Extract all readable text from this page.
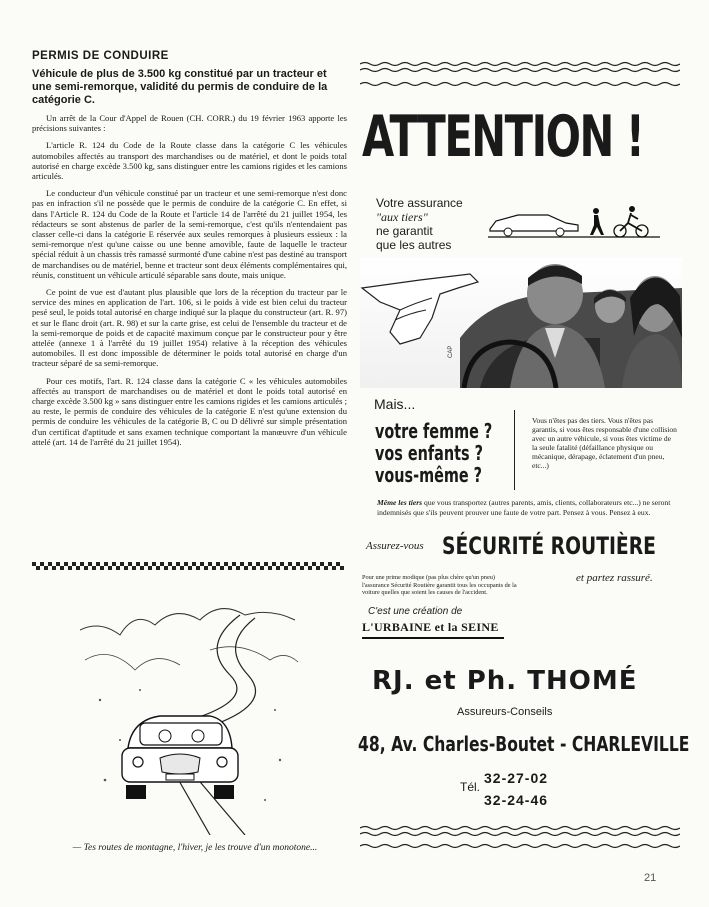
PERMIS DE CONDUIRE
Véhicule de plus de 3.500 kg constitué par un tracteur et une semi-remorque, validité du permis de conduire de la catégorie C.

Un arrêt de la Cour d'Appel de Rouen (CH. CORR.) du 19 février 1963 apporte les précisions suivantes :

L'article R. 124 du Code de la Route classe dans la catégorie C les véhicules automobiles affectés au transport des marchandises ou de matériel, et dont le poids total autorisé en charge excède 3.500 kg, sans distinguer entre les camions rigides et les camions articulés.

Le conducteur d'un véhicule constitué par un tracteur et une semi-remorque n'est donc pas en infraction s'il ne possède que le permis de conduire de la catégorie C. En effet, si dans l'Article R. 124 du Code de la Route et l'article 14 de l'arrêté du 21 juillet 1954, les rédacteurs se sont abstenus de parler de la semi-remorque, c'est qu'ils n'entendaient pas classer celle-ci dans la catégorie E réservée aux seules remorques à plusieurs essieux : la semi-remorque n'est qu'une caisse ou une benne amovible, faute de laquelle le tracteur spécial réduit à un chassis très ramassé surmonté d'une cabine n'est pas destiné au transport de marchandises ou de matériel, benne et tracteur sont deux éléments complémentaires qui, réunis, constituent un véhicule articulé séparable sans doute, mais unique.

Ce point de vue est d'autant plus plausible que lors de la réception du tracteur par le service des mines en application de l'art. 106, si le poids à vide est bien celui du tracteur pesé seul, le poids total autorisé en charge indiqué sur la plaque du constructeur (art. R. 97) et sur le flanc droit (art. R. 98) et sur la carte grise, est celui de l'ensemble du tracteur et de la semi-remorque de poids et de capacité maximum conçue par le constructeur pour y être attelée (annexe 1 à l'arrêté du 19 juillet 1954) relative à la réception des véhicules automobiles. Il est donc impossible de déterminer le poids total autorisé en charge d'un tracteur séparé de sa semi-remorque.

Pour ces motifs, l'art. R. 124 classe dans la catégorie C « les véhicules automobiles affectés au transport de marchandises ou de matériel et dont le poids total autorisé en charge excède 3.500 kg » sans distinguer entre les camions rigides et les camions articulés ; au reste, le permis de conduire des véhicules de la catégorie E n'est qu'une extension du permis de conduire les véhicules de la catégorie B, C ou D délivré sur simple présentation d'un certificat d'aptitude et sans examen technique comportant la manœuvre d'un véhicule attelé (art. 14 de l'arrêté du 21 juillet 1954).

— Tes routes de montagne, l'hiver, je les trouve d'un monotone...
ATTENTION !
Votre assurance
"aux tiers"
ne garantit
que les autres
CAP
Mais...
votre femme ?
vos enfants ?
vous-même ?
Vous n'êtes pas des tiers. Vous n'êtes pas garantis, si vous êtes responsable d'une collision avec un autre véhicule, si vous êtes victime de la seule fatalité (défaillance physique ou mécanique, dérapage, éclatement d'un pneu, etc...)
Même les tiers que vous transportez (autres parents, amis, clients, collaborateurs etc...) ne seront indemnisés que s'ils peuvent prouver une faute de votre part. Pensez à vous. Pensez à eux.
Assurez-vous SÉCURITÉ ROUTIÈRE
Pour une prime modique (pas plus chère qu'un pneu) l'assurance Sécurité Routière garantit tous les occupants de la voiture quelles que soient les causes de l'accident.
et partez rassuré.
C'est une création de
L'URBAINE et la SEINE
RJ. et Ph. THOMÉ
Assureurs-Conseils
48, Av. Charles-Boutet - CHARLEVILLE
Tél.
32-27-02
32-24-46
21
